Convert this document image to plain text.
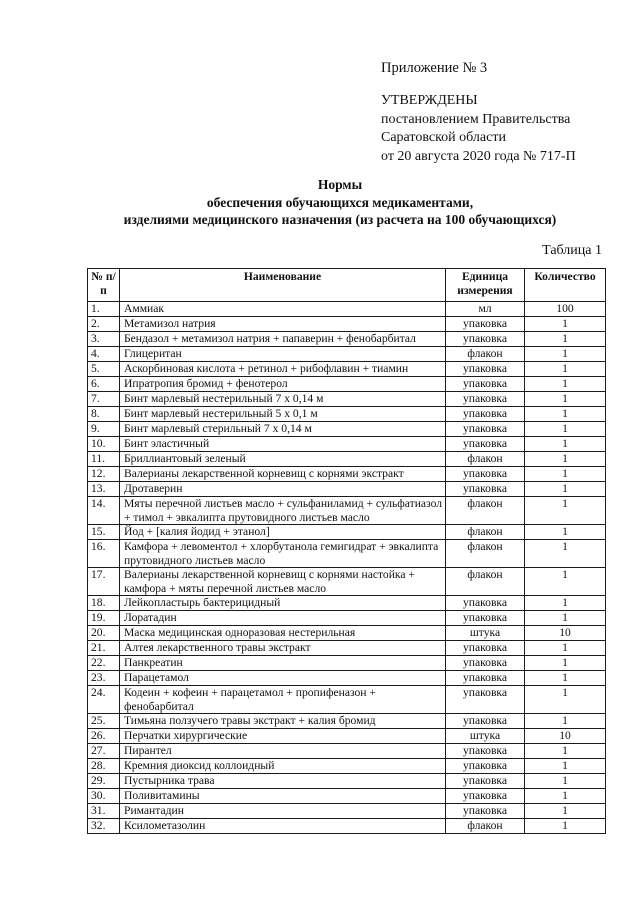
Приложение № 3
УТВЕРЖДЕНЫ
постановлением Правительства
Саратовской области
от 20 августа 2020 года № 717-П
Нормы
обеспечения обучающихся медикаментами,
изделиями медицинского назначения (из расчета на 100 обучающихся)
Таблица 1
№ п/п	Наименование	Единица измерения	Количество
1.	Аммиак	мл	100
2.	Метамизол натрия	упаковка	1
3.	Бендазол + метамизол натрия + папаверин + фенобарбитал	упаковка	1
4.	Глицеритан	флакон	1
5.	Аскорбиновая кислота + ретинол + рибофлавин + тиамин	упаковка	1
6.	Ипратропия бромид + фенотерол	упаковка	1
7.	Бинт марлевый нестерильный 7 х 0,14 м	упаковка	1
8.	Бинт марлевый нестерильный 5 х 0,1 м	упаковка	1
9.	Бинт марлевый стерильный 7 х 0,14 м	упаковка	1
10.	Бинт эластичный	упаковка	1
11.	Бриллиантовый зеленый	флакон	1
12.	Валерианы лекарственной корневищ с корнями экстракт	упаковка	1
13.	Дротаверин	упаковка	1
14.	Мяты перечной листьев масло + сульфаниламид + сульфатиазол + тимол + эвкалипта прутовидного листьев масло	флакон	1
15.	Йод + [калия йодид + этанол]	флакон	1
16.	Камфора + левоментол + хлорбутанола гемигидрат + эвкалипта прутовидного листьев масло	флакон	1
17.	Валерианы лекарственной корневищ с корнями настойка + камфора + мяты перечной листьев масло	флакон	1
18.	Лейкопластырь бактерицидный	упаковка	1
19.	Лоратадин	упаковка	1
20.	Маска медицинская одноразовая нестерильная	штука	10
21.	Алтея лекарственного травы экстракт	упаковка	1
22.	Панкреатин	упаковка	1
23.	Парацетамол	упаковка	1
24.	Кодеин + кофеин + парацетамол + пропифеназон + фенобарбитал	упаковка	1
25.	Тимьяна ползучего травы экстракт + калия бромид	упаковка	1
26.	Перчатки хирургические	штука	10
27.	Пирантел	упаковка	1
28.	Кремния диоксид коллоидный	упаковка	1
29.	Пустырника трава	упаковка	1
30.	Поливитамины	упаковка	1
31.	Римантадин	упаковка	1
32.	Ксилометазолин	флакон	1
